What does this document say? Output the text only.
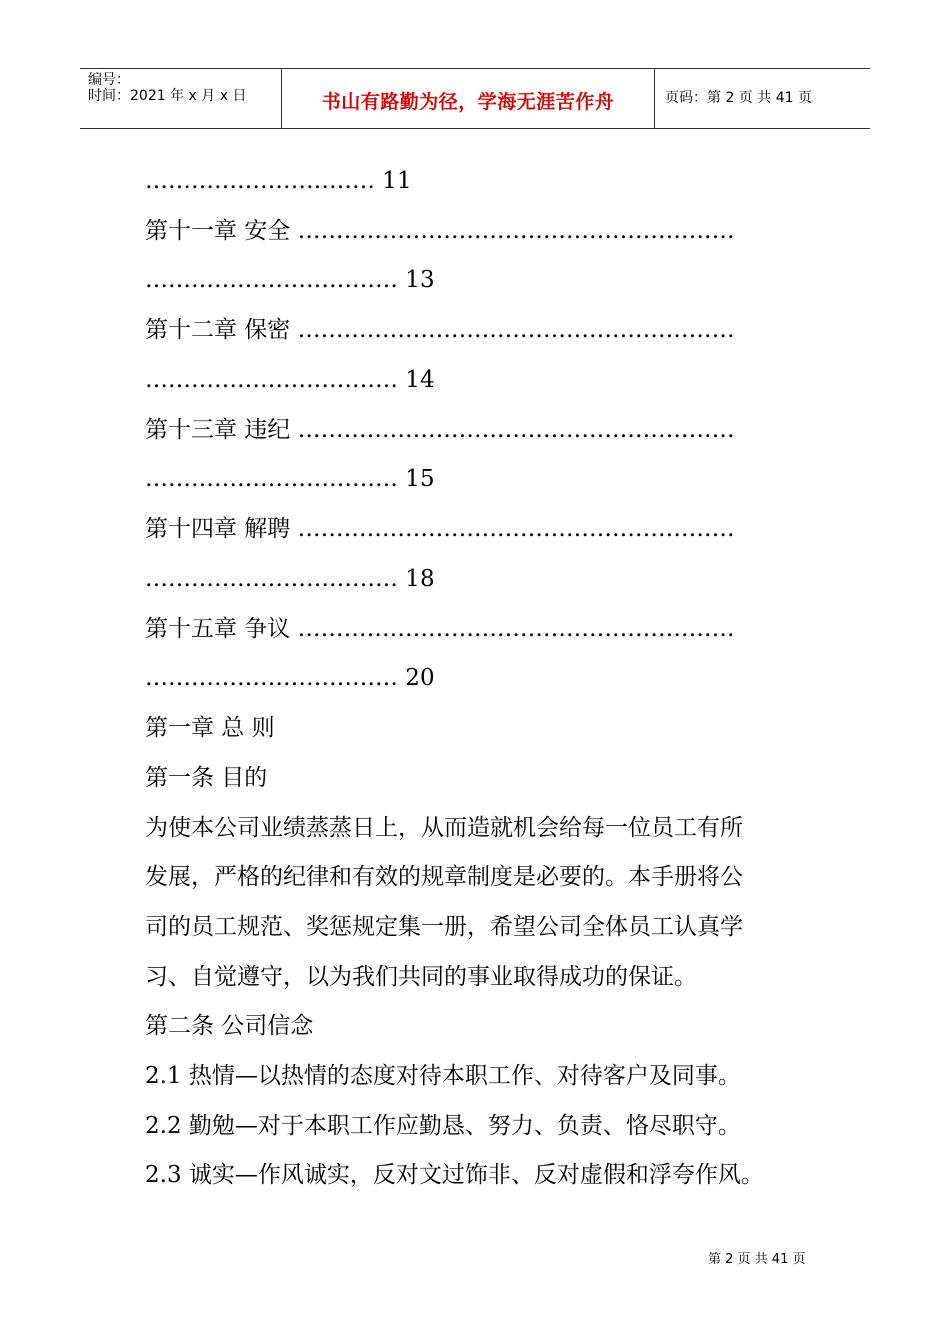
编号：
时间：2021 年 x 月 x 日	书山有路勤为径，学海无涯苦作舟	页码：第 2 页 共 41 页
………………………… 11
第十一章 安全 …………………………………………………
…………………………… 13
第十二章 保密 …………………………………………………
…………………………… 14
第十三章 违纪 …………………………………………………
…………………………… 15
第十四章 解聘 …………………………………………………
…………………………… 18
第十五章 争议 …………………………………………………
…………………………… 20
第一章 总 则
第一条 目的
为使本公司业绩蒸蒸日上，从而造就机会给每一位员工有所
发展，严格的纪律和有效的规章制度是必要的。本手册将公
司的员工规范、奖惩规定集一册，希望公司全体员工认真学
习、自觉遵守，以为我们共同的事业取得成功的保证。
第二条 公司信念
2.1 热情—以热情的态度对待本职工作、对待客户及同事。
2.2 勤勉—对于本职工作应勤恳、努力、负责、恪尽职守。
2.3 诚实—作风诚实，反对文过饰非、反对虚假和浮夸作风。
第 2 页 共 41 页
